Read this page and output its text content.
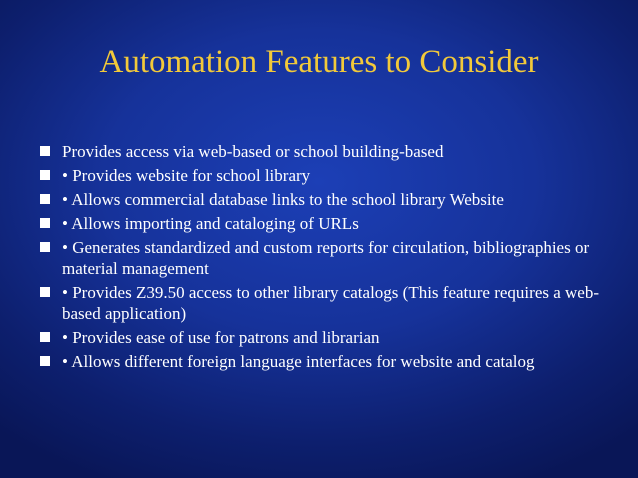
Automation Features to Consider
Provides access via web-based or school building-based
• Provides website for school library
• Allows commercial database links to the school library Website
• Allows importing and cataloging of URLs
• Generates standardized and custom reports for circulation, bibliographies or material management
• Provides Z39.50 access to other library catalogs (This feature requires a web-based application)
• Provides ease of use for patrons and librarian
• Allows different foreign language interfaces for website and catalog
